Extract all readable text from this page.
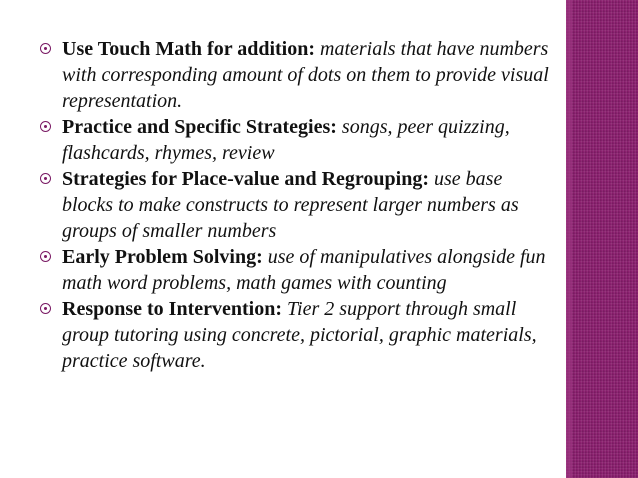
Use Touch Math for addition: materials that have numbers with corresponding amount of dots on them to provide visual representation.
Practice and Specific Strategies: songs, peer quizzing, flashcards, rhymes, review
Strategies for Place-value and Regrouping: use base blocks to make constructs to represent larger numbers as groups of smaller numbers
Early Problem Solving: use of manipulatives alongside fun math word problems, math games with counting
Response to Intervention: Tier 2 support through small group tutoring using concrete, pictorial, graphic materials, practice software.
